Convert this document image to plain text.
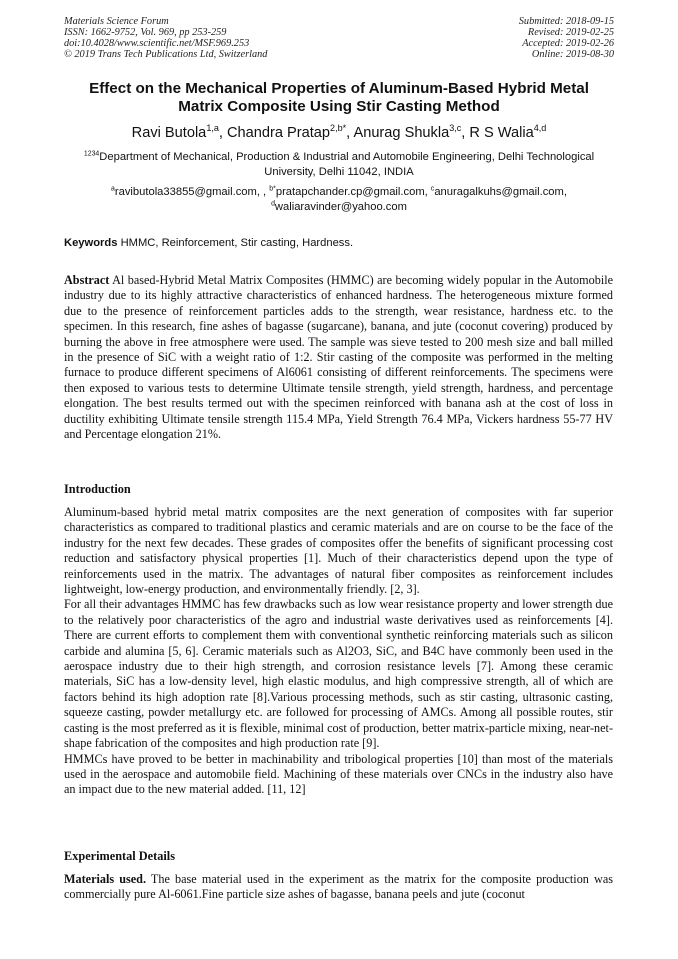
Materials Science Forum
ISSN: 1662-9752, Vol. 969, pp 253-259
doi:10.4028/www.scientific.net/MSF.969.253
© 2019 Trans Tech Publications Ltd, Switzerland
Submitted: 2018-09-15
Revised: 2019-02-25
Accepted: 2019-02-26
Online: 2019-08-30
Effect on the Mechanical Properties of Aluminum-Based Hybrid Metal
Matrix Composite Using Stir Casting Method
Ravi Butola$^{1,a}$, Chandra Pratap$^{2,b*}$, Anurag Shukla$^{3,c}$, R S Walia$^{4,d}$
$^{1234}$Department of Mechanical, Production & Industrial and Automobile Engineering, Delhi Technological University, Delhi 11042, INDIA
$^a$ravibutola33855@gmail.com, , $^{b*}$pratapchander.cp@gmail.com, $^c$anuragalkuhs@gmail.com,
$^d$waliaravinder@yahoo.com
Keywords HMMC, Reinforcement, Stir casting, Hardness.

Abstract Al based-Hybrid Metal Matrix Composites (HMMC) are becoming widely popular in the Automobile industry due to its highly attractive characteristics of enhanced hardness. The heterogeneous mixture formed due to the presence of reinforcement particles adds to the strength, wear resistance, hardness etc. to the specimen. In this research, fine ashes of bagasse (sugarcane), banana, and jute (coconut covering) produced by burning the above in free atmosphere were used. The sample was sieve tested to 200 mesh size and ball milled in the presence of SiC with a weight ratio of 1:2. Stir casting of the composite was performed in the melting furnace to produce different specimens of Al6061 consisting of different reinforcements. The specimens were then exposed to various tests to determine Ultimate tensile strength, yield strength, hardness, and percentage elongation. The best results termed out with the specimen reinforced with banana ash at the cost of loss in ductility exhibiting Ultimate tensile strength 115.4 MPa, Yield Strength 76.4 MPa, Vickers hardness 55-77 HV and Percentage elongation 21%.

Introduction

Aluminum-based hybrid metal matrix composites are the next generation of composites with far superior characteristics as compared to traditional plastics and ceramic materials and are on course to be the face of the industry for the next few decades. These grades of composites offer the benefits of significant processing cost reduction and satisfactory physical properties [1]. Much of their characteristics depend upon the type of reinforcements used in the matrix. The advantages of natural fiber composites as reinforcement includes lightweight, low-energy production, and environmentally friendly. [2, 3].

For all their advantages HMMC has few drawbacks such as low wear resistance property and lower strength due to the relatively poor characteristics of the agro and industrial waste derivatives used as reinforcements [4]. There are current efforts to complement them with conventional synthetic reinforcing materials such as silicon carbide and alumina [5, 6]. Ceramic materials such as Al2O3, SiC, and B4C have commonly been used in the aerospace industry due to their high strength, and corrosion resistance levels [7]. Among these ceramic materials, SiC has a low-density level, high elastic modulus, and high compressive strength, all of which are factors behind its high adoption rate [8].Various processing methods, such as stir casting, ultrasonic casting, squeeze casting, powder metallurgy etc. are followed for processing of AMCs. Among all possible routes, stir casting is the most preferred as it is flexible, minimal cost of production, better matrix-particle mixing, near-net-shape fabrication of the composites and high production rate [9].

HMMCs have proved to be better in machinability and tribological properties [10] than most of the materials used in the aerospace and automobile field. Machining of these materials over CNCs in the industry also have an impact due to the new material added. [11, 12]

Experimental Details

Materials used. The base material used in the experiment as the matrix for the composite production was commercially pure Al-6061.Fine particle size ashes of bagasse, banana peels and jute (coconut
